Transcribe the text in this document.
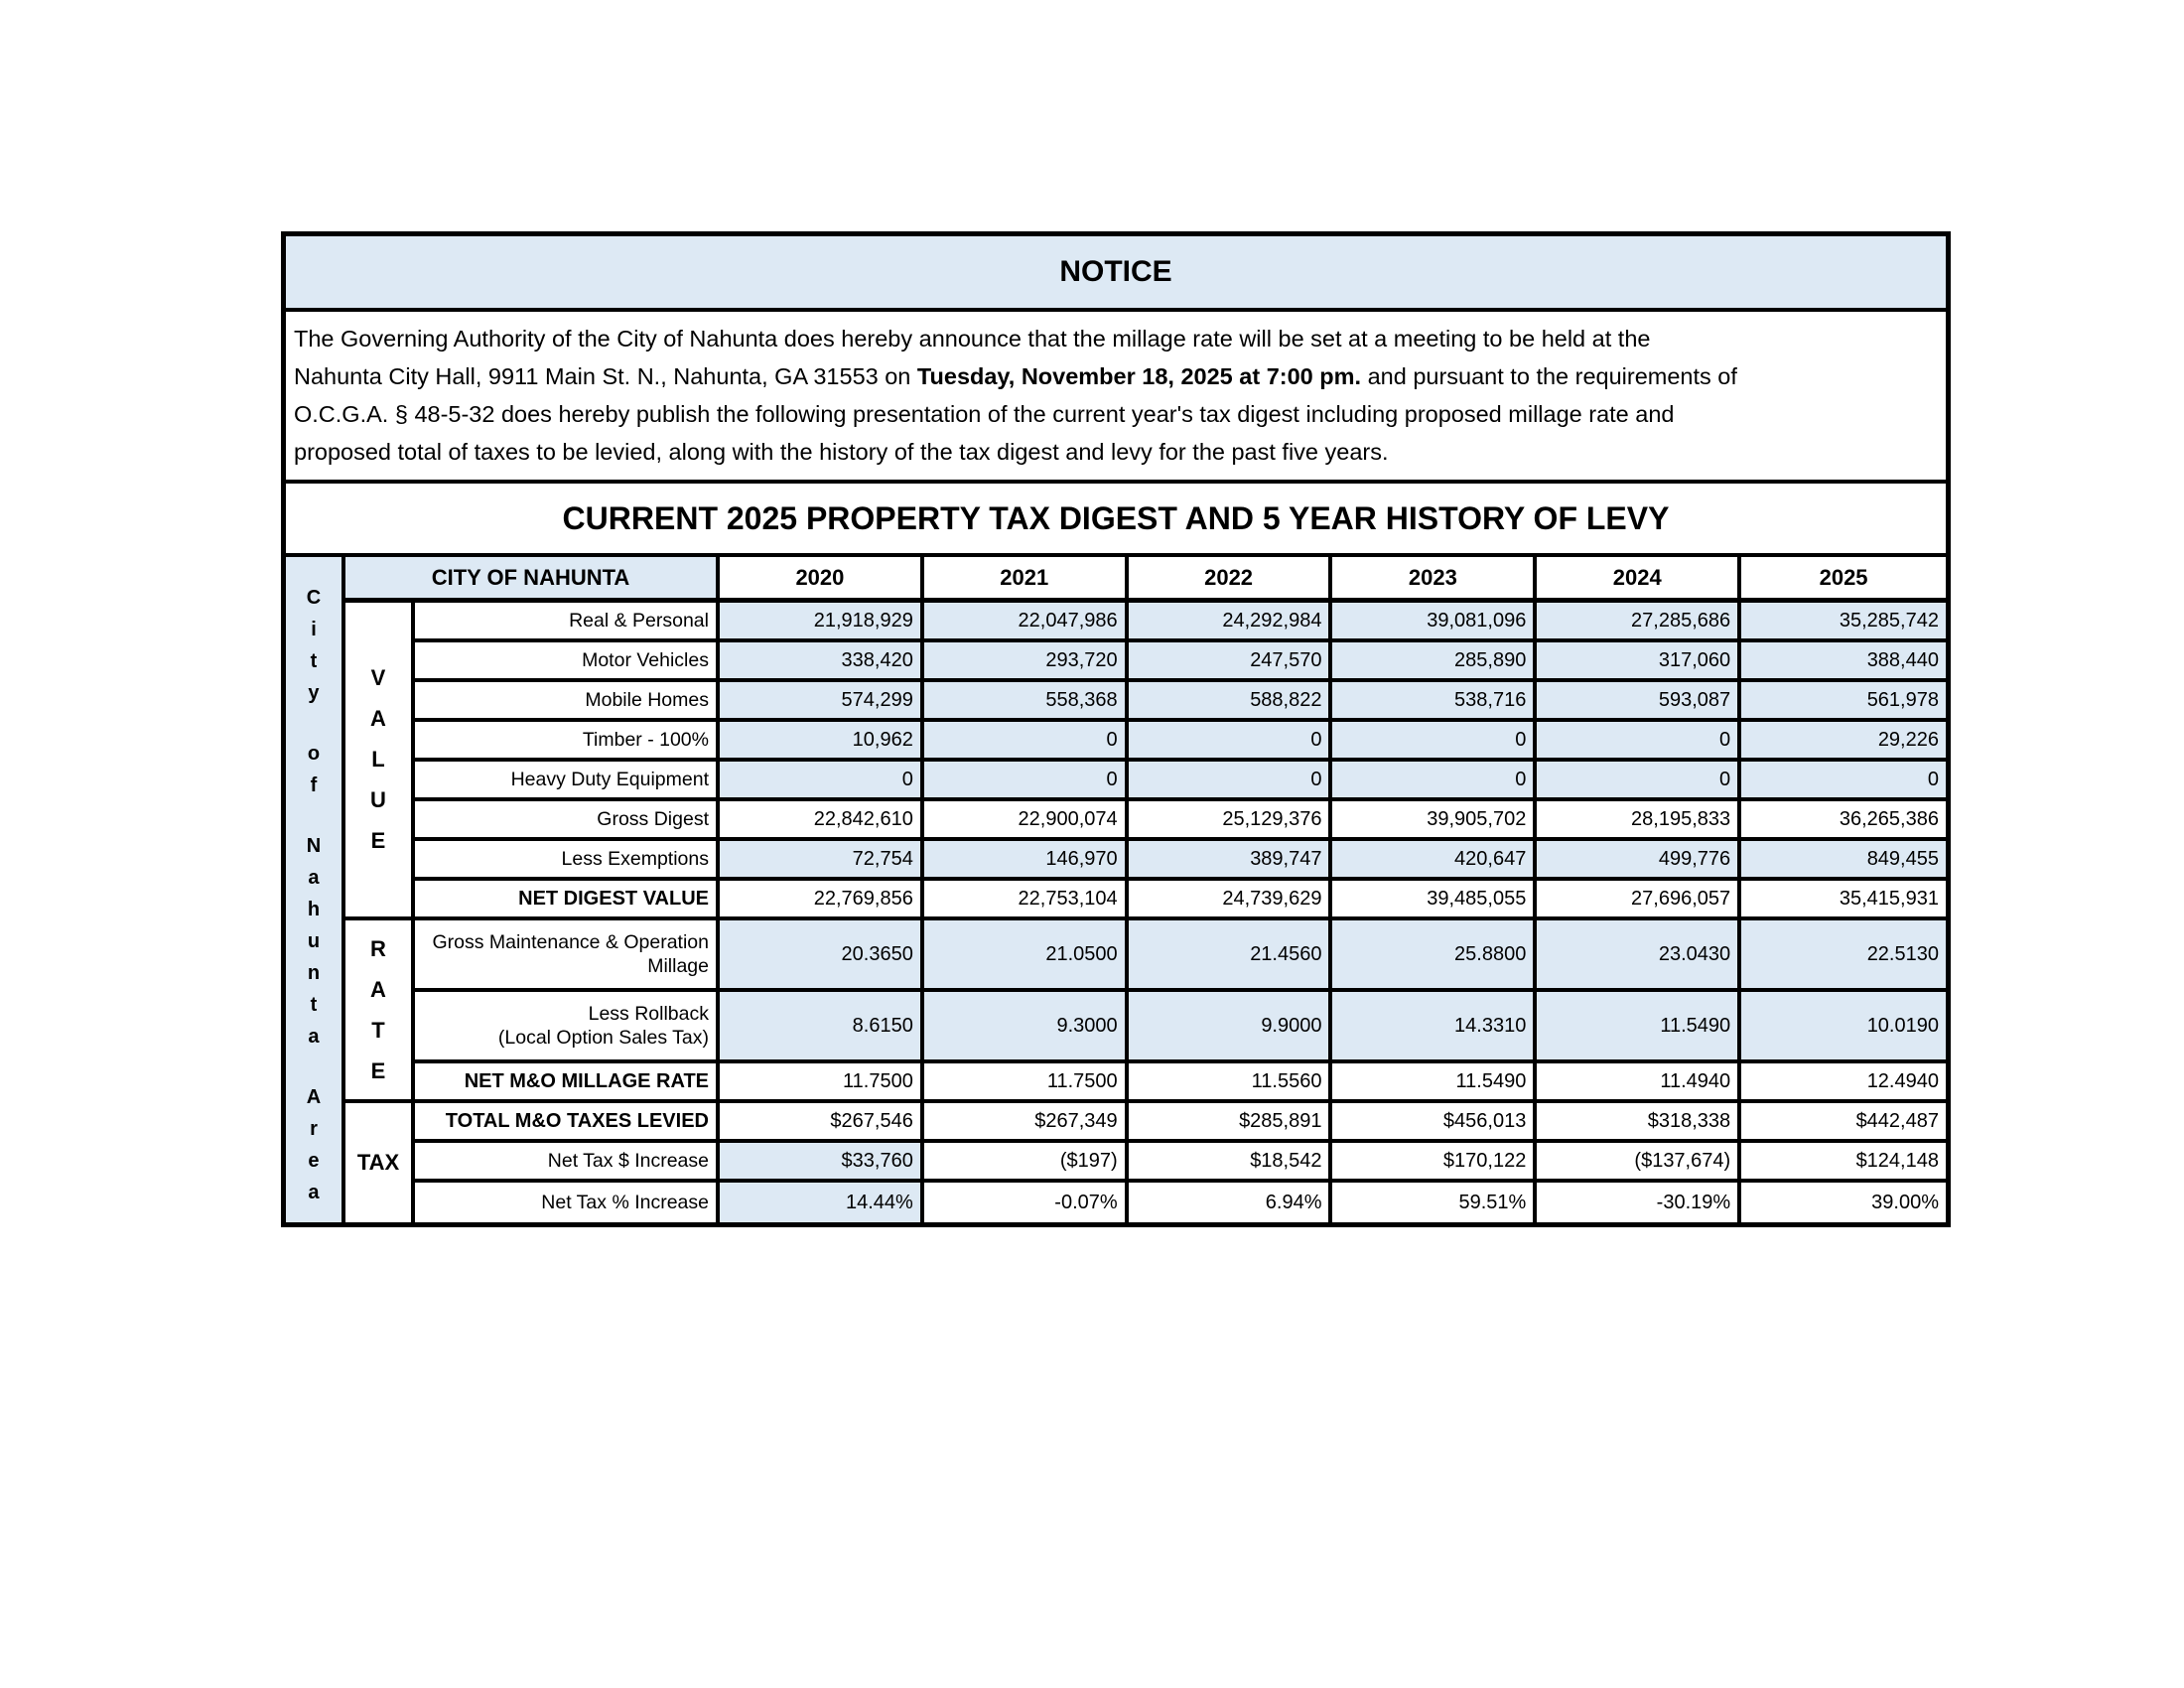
NOTICE
The Governing Authority of the City of Nahunta does hereby announce that the millage rate will be set at a meeting to be held at the
Nahunta City Hall, 9911 Main St. N., Nahunta, GA 31553 on Tuesday, November 18, 2025 at 7:00 pm. and pursuant to the requirements of
O.C.G.A. § 48-5-32 does hereby publish the following presentation of the current year's tax digest including proposed millage rate and
proposed total of taxes to be levied, along with the history of the tax digest and levy for the past five years.
CURRENT 2025 PROPERTY TAX DIGEST AND 5 YEAR HISTORY OF LEVY
C
i
t
y
o
f
N
a
h
u
n
t
a
A
r
e
a
CITY OF NAHUNTA	2020	2021	2022	2023	2024	2025
V
A
L
U
E
Real & Personal	21,918,929	22,047,986	24,292,984	39,081,096	27,285,686	35,285,742
Motor Vehicles	338,420	293,720	247,570	285,890	317,060	388,440
Mobile Homes	574,299	558,368	588,822	538,716	593,087	561,978
Timber - 100%	10,962	0	0	0	0	29,226
Heavy Duty Equipment	0	0	0	0	0	0
Gross Digest	22,842,610	22,900,074	25,129,376	39,905,702	28,195,833	36,265,386
Less Exemptions	72,754	146,970	389,747	420,647	499,776	849,455
NET DIGEST VALUE	22,769,856	22,753,104	24,739,629	39,485,055	27,696,057	35,415,931
R
A
T
E
Gross Maintenance & Operation
Millage
20.3650	21.0500	21.4560	25.8800	23.0430	22.5130
Less Rollback
(Local Option Sales Tax)
8.6150	9.3000	9.9000	14.3310	11.5490	10.0190
NET M&O MILLAGE RATE	11.7500	11.7500	11.5560	11.5490	11.4940	12.4940
TAX
TOTAL M&O TAXES LEVIED	$267,546	$267,349	$285,891	$456,013	$318,338	$442,487
Net Tax $ Increase	$33,760	($197)	$18,542	$170,122	($137,674)	$124,148
Net Tax % Increase	14.44%	-0.07%	6.94%	59.51%	-30.19%	39.00%
